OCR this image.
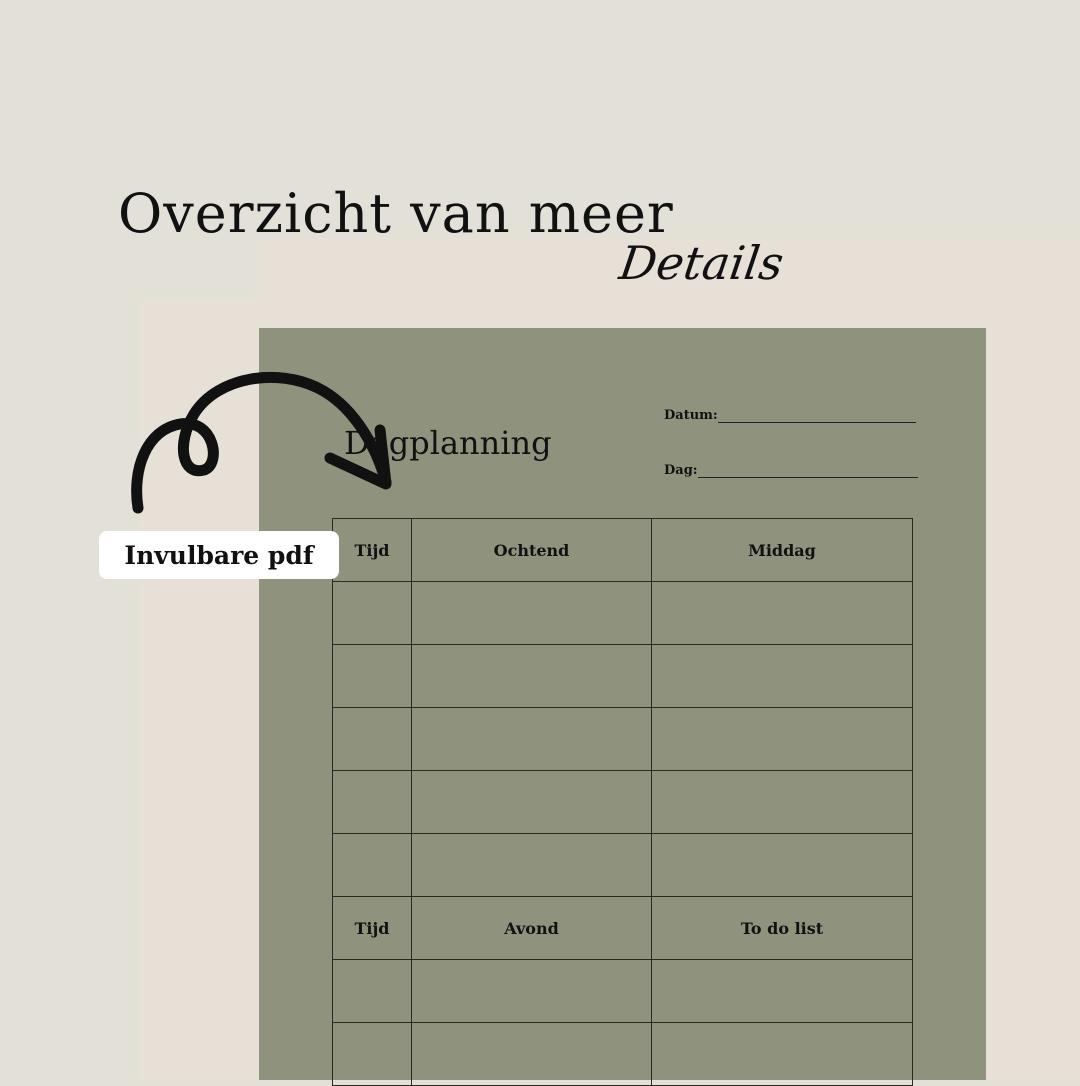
Overzicht van meer
Details
Dagplanning
Datum:
Dag:
Tijd	Ochtend	Middag

Tijd	Avond	To do list

Invulbare pdf
